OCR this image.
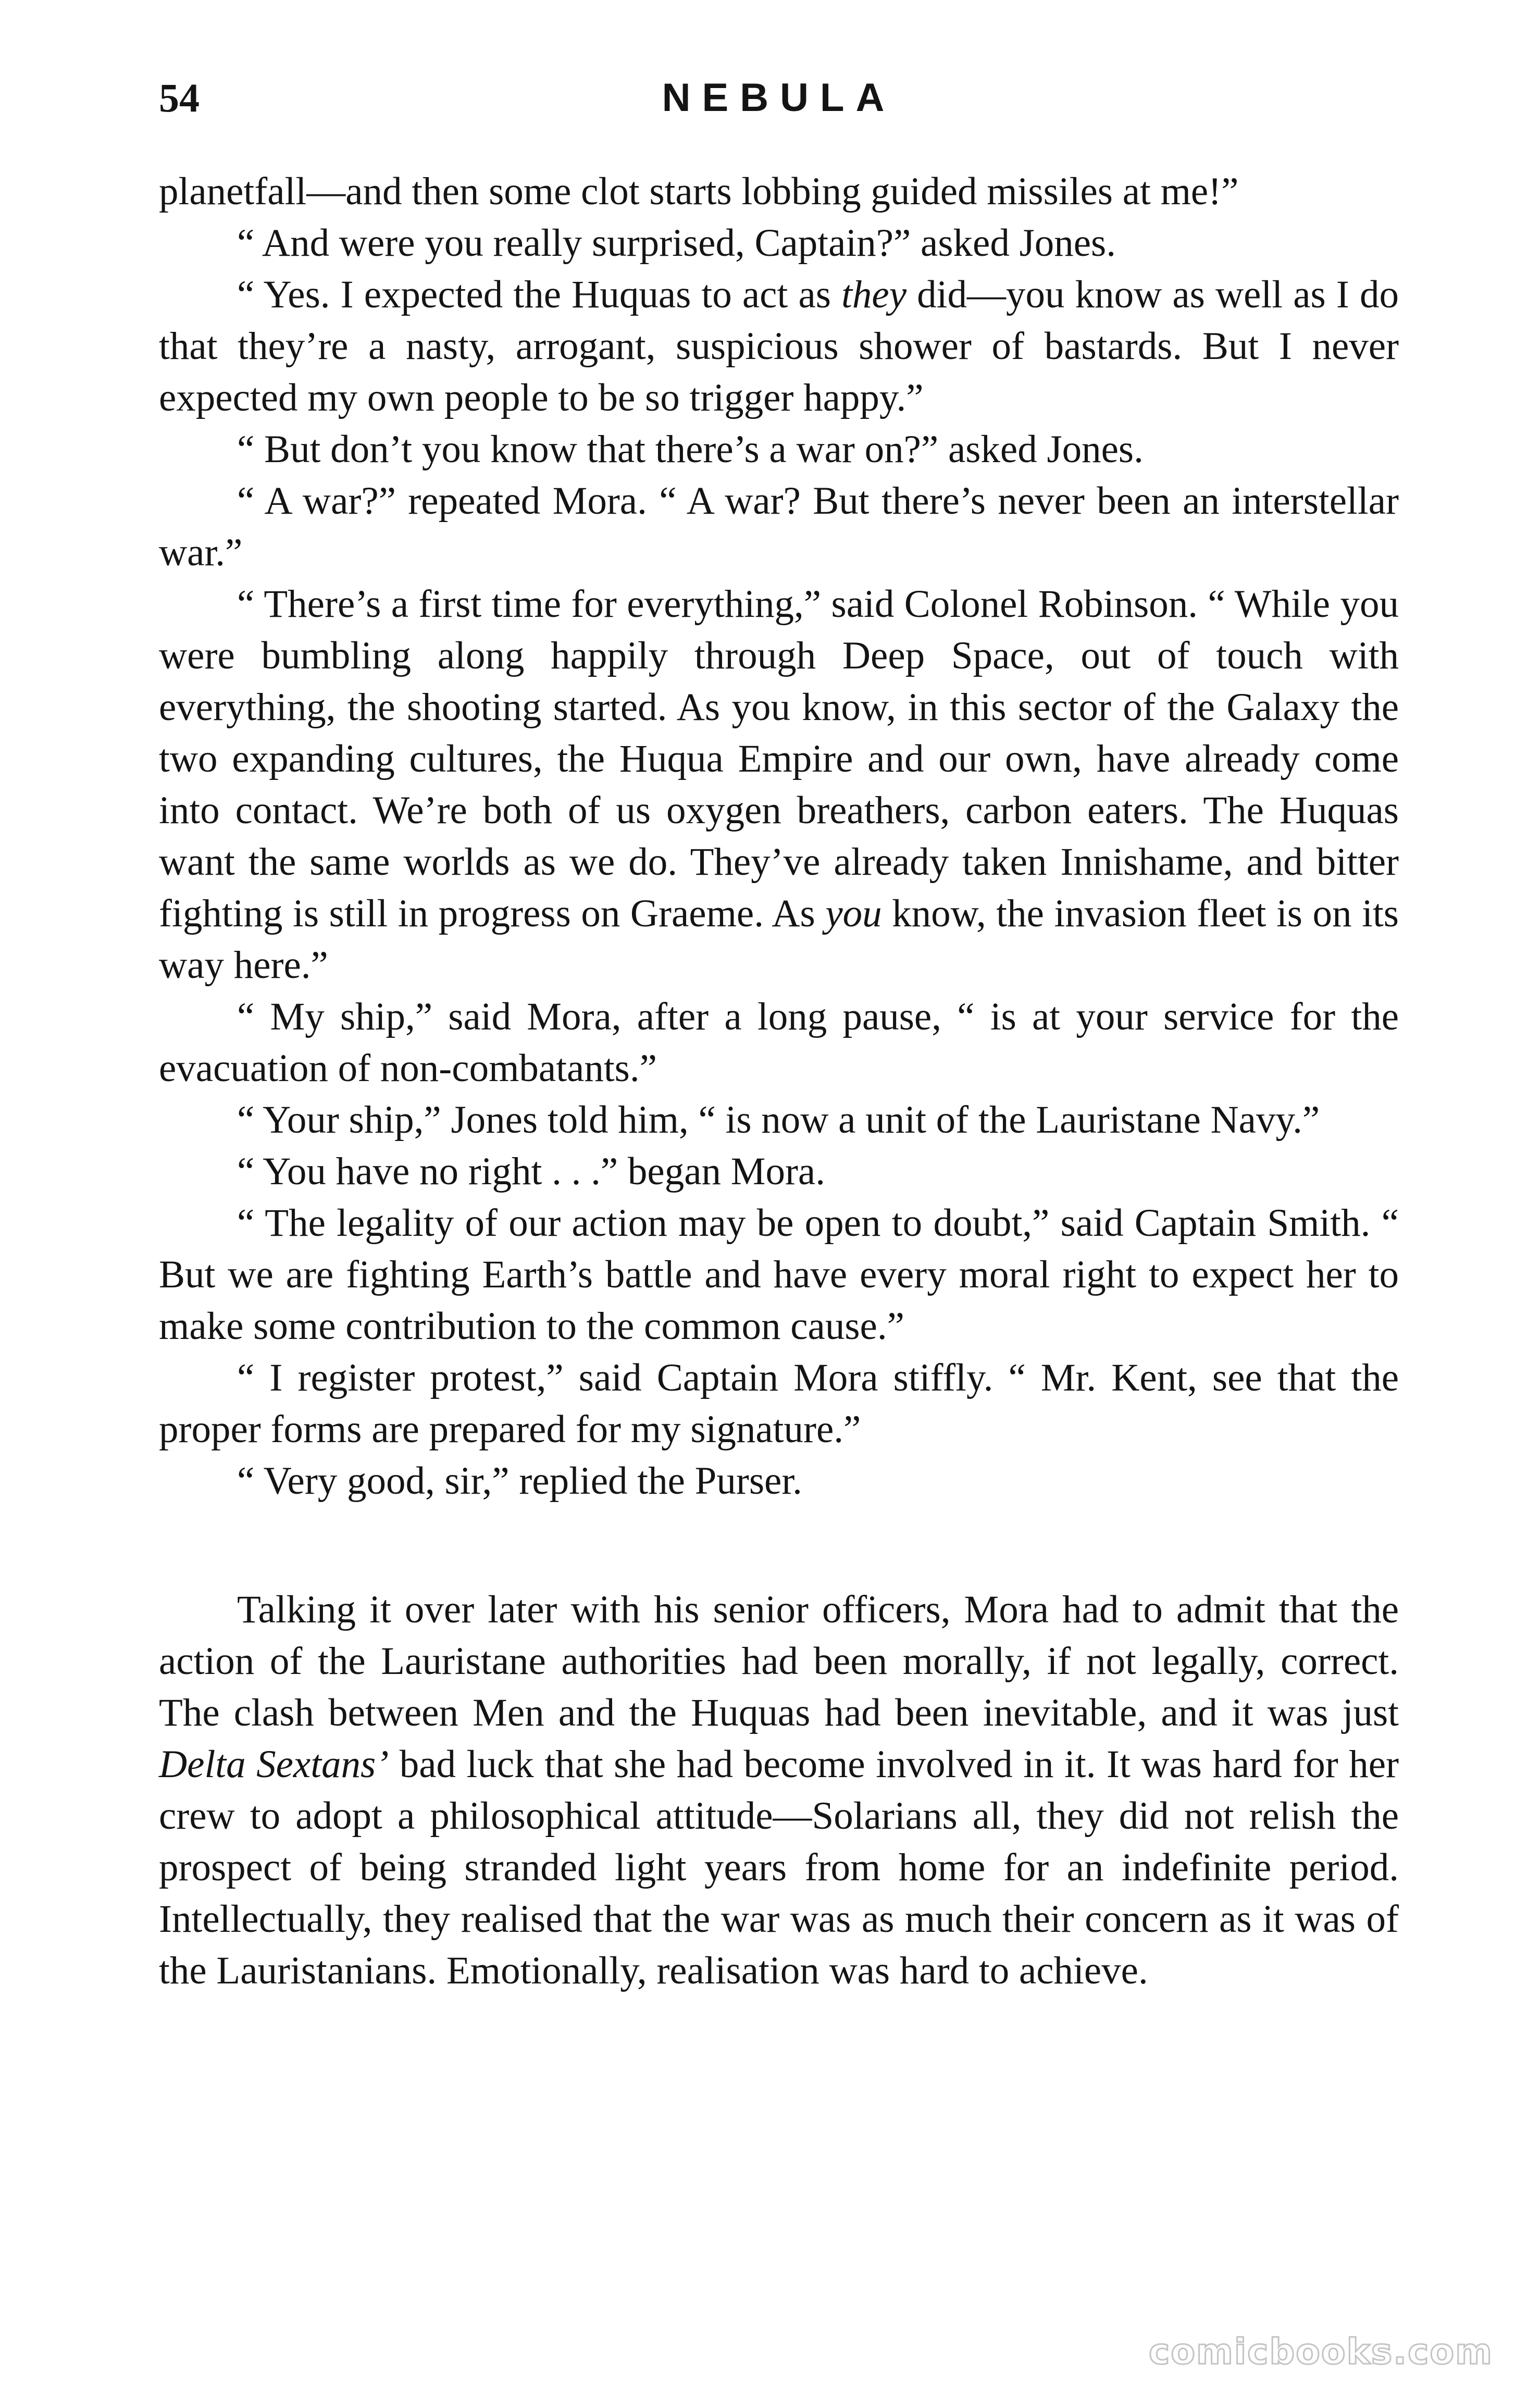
54	NEBULA

planetfall—and then some clot starts lobbing guided missiles at me!”

“ And were you really surprised, Captain?” asked Jones.

“ Yes. I expected the Huquas to act as they did—you know as well as I do that they’re a nasty, arrogant, suspicious shower of bastards. But I never expected my own people to be so trigger happy.”

“ But don’t you know that there’s a war on?” asked Jones.

“ A war?” repeated Mora. “ A war? But there’s never been an interstellar war.”

“ There’s a first time for everything,” said Colonel Robinson. “ While you were bumbling along happily through Deep Space, out of touch with everything, the shooting started. As you know, in this sector of the Galaxy the two expanding cultures, the Huqua Empire and our own, have already come into contact. We’re both of us oxygen breathers, carbon eaters. The Huquas want the same worlds as we do. They’ve already taken Innishame, and bitter fighting is still in progress on Graeme. As you know, the invasion fleet is on its way here.”

“ My ship,” said Mora, after a long pause, “ is at your service for the evacuation of non-combatants.”

“ Your ship,” Jones told him, “ is now a unit of the Lauristane Navy.”

“ You have no right . . .” began Mora.

“ The legality of our action may be open to doubt,” said Captain Smith. “ But we are fighting Earth’s battle and have every moral right to expect her to make some contribution to the common cause.”

“ I register protest,” said Captain Mora stiffly. “ Mr. Kent, see that the proper forms are prepared for my signature.”

“ Very good, sir,” replied the Purser.

Talking it over later with his senior officers, Mora had to admit that the action of the Lauristane authorities had been morally, if not legally, correct. The clash between Men and the Huquas had been inevitable, and it was just Delta Sextans’ bad luck that she had become involved in it. It was hard for her crew to adopt a philosophical attitude—Solarians all, they did not relish the prospect of being stranded light years from home for an indefinite period. Intellectually, they realised that the war was as much their concern as it was of the Lauristanians. Emotionally, realisation was hard to achieve.

comicbooks.com
